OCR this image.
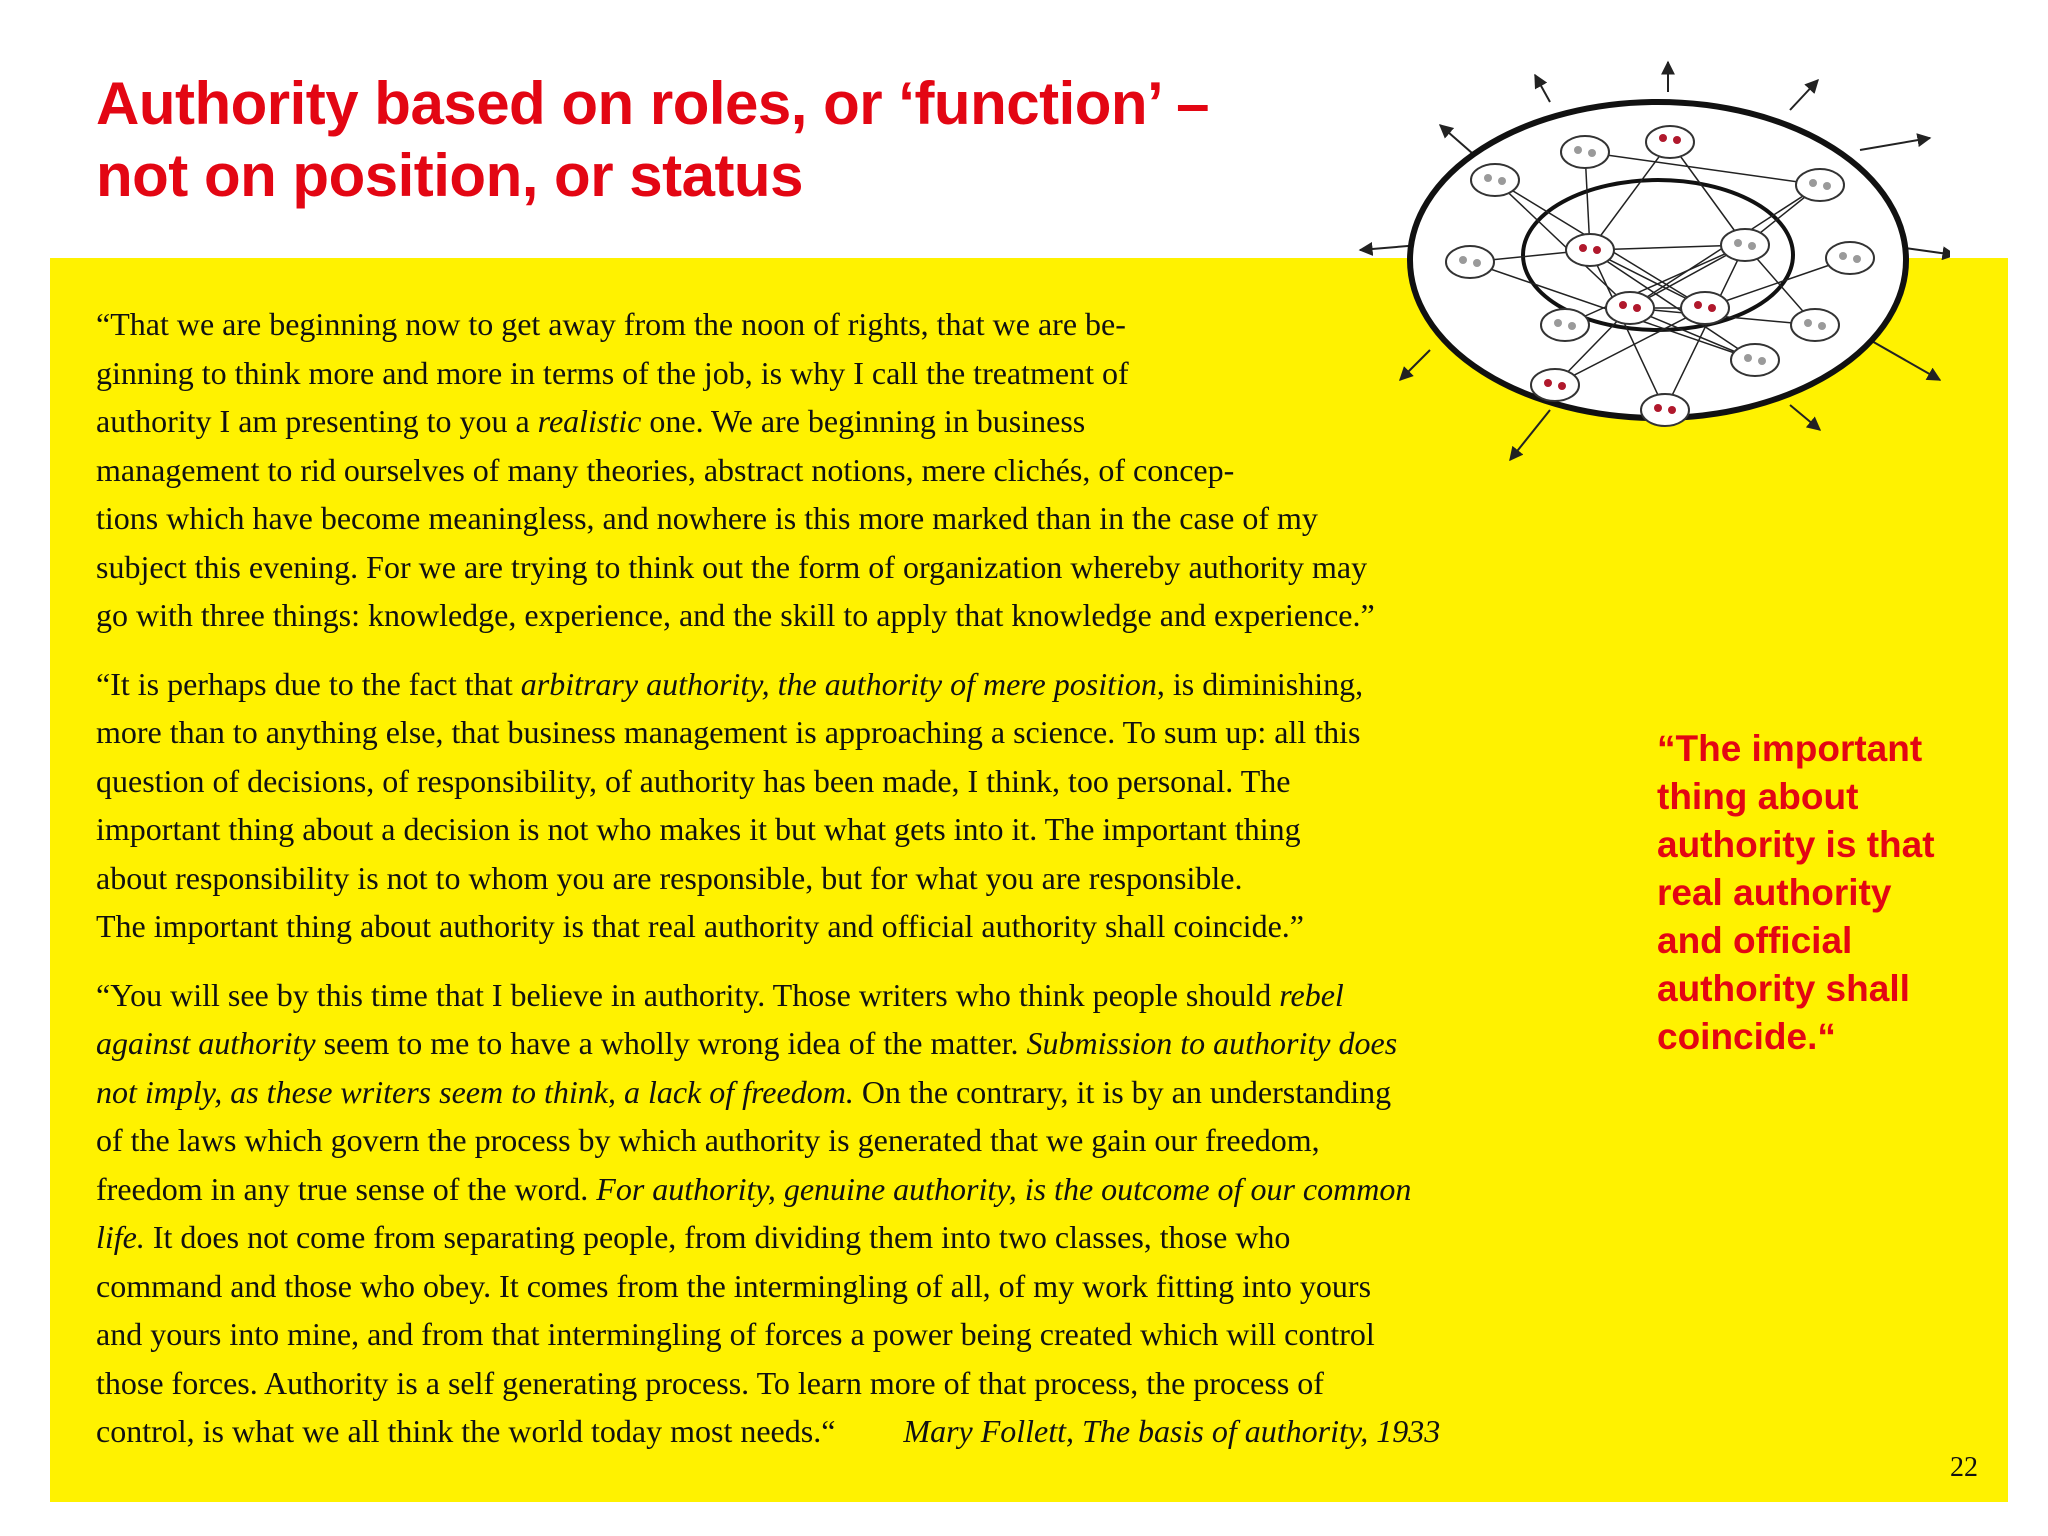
Authority based on roles, or ‘function’ –
not on position, or status
“That we are beginning now to get away from the noon of rights, that we are be-
ginning to think more and more in terms of the job, is why I call the treatment of
authority I am presenting to you a realistic one. We are beginning in business
management to rid ourselves of many theories, abstract notions, mere clichés, of concep-
tions which have become meaningless, and nowhere is this more marked than in the case of my
subject this evening. For we are trying to think out the form of organization whereby authority may
go with three things: knowledge, experience, and the skill to apply that knowledge and experience.”
“It is perhaps due to the fact that arbitrary authority, the authority of mere position, is diminishing,
more than to anything else, that business management is approaching a science. To sum up: all this
question of decisions, of responsibility, of authority has been made, I think, too personal. The
important thing about a decision is not who makes it but what gets into it. The important thing
about responsibility is not to whom you are responsible, but for what you are responsible.
The important thing about authority is that real authority and official authority shall coincide.”
“You will see by this time that I believe in authority. Those writers who think people should rebel
against authority seem to me to have a wholly wrong idea of the matter. Submission to authority does
not imply, as these writers seem to think, a lack of freedom. On the contrary, it is by an understanding
of the laws which govern the process by which authority is generated that we gain our freedom,
freedom in any true sense of the word. For authority, genuine authority, is the outcome of our common
life. It does not come from separating people, from dividing them into two classes, those who
command and those who obey. It comes from the intermingling of all, of my work fitting into yours
and yours into mine, and from that intermingling of forces a power being created which will control
those forces. Authority is a self generating process. To learn more of that process, the process of
control, is what we all think the world today most needs.“ Mary Follett, The basis of authority, 1933
“The important
thing about
authority is that
real authority
and official
authority shall
coincide.“
22
